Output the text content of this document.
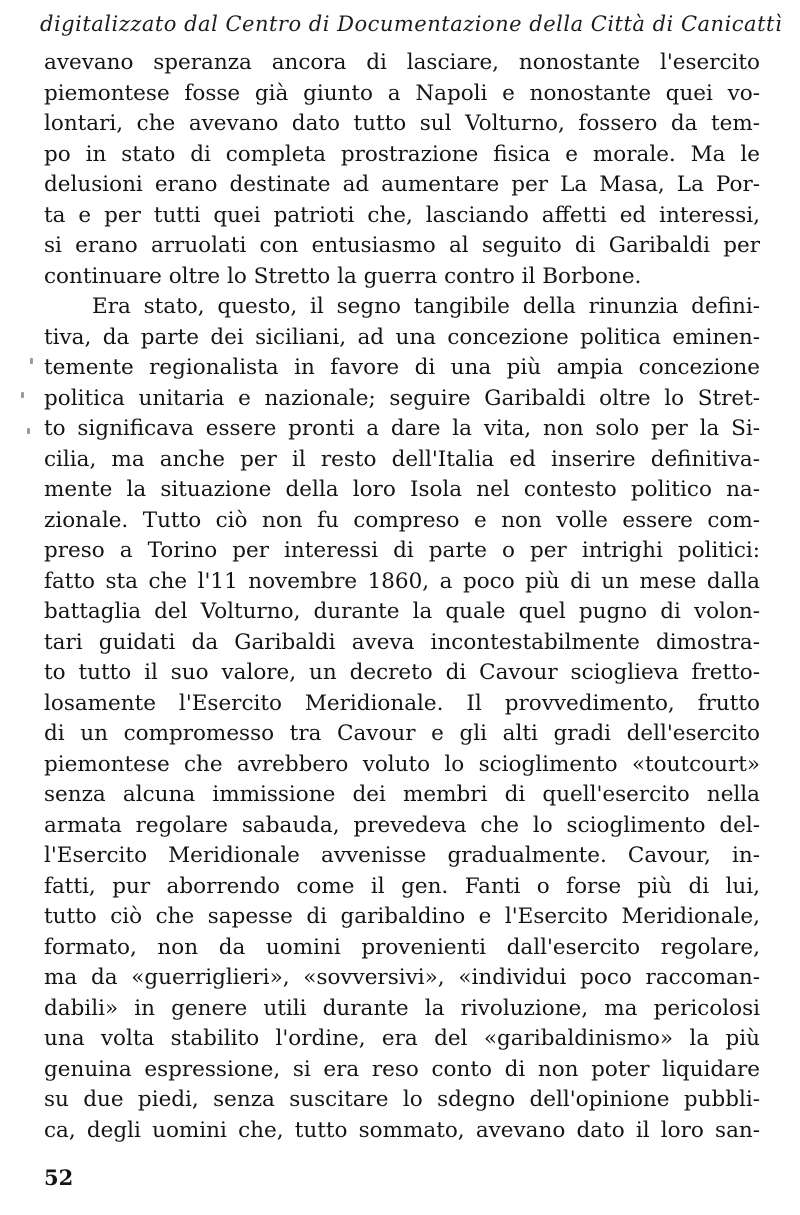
digitalizzato dal Centro di Documentazione della Città di Canicattì
avevano speranza ancora di lasciare, nonostante l'esercito
piemontese fosse già giunto a Napoli e nonostante quei vo-
lontari, che avevano dato tutto sul Volturno, fossero da tem-
po in stato di completa prostrazione fisica e morale. Ma le
delusioni erano destinate ad aumentare per La Masa, La Por-
ta e per tutti quei patrioti che, lasciando affetti ed interessi,
si erano arruolati con entusiasmo al seguito di Garibaldi per
continuare oltre lo Stretto la guerra contro il Borbone.
Era stato, questo, il segno tangibile della rinunzia defini-
tiva, da parte dei siciliani, ad una concezione politica eminen-
temente regionalista in favore di una più ampia concezione
politica unitaria e nazionale; seguire Garibaldi oltre lo Stret-
to significava essere pronti a dare la vita, non solo per la Si-
cilia, ma anche per il resto dell'Italia ed inserire definitiva-
mente la situazione della loro Isola nel contesto politico na-
zionale. Tutto ciò non fu compreso e non volle essere com-
preso a Torino per interessi di parte o per intrighi politici:
fatto sta che l'11 novembre 1860, a poco più di un mese dalla
battaglia del Volturno, durante la quale quel pugno di volon-
tari guidati da Garibaldi aveva incontestabilmente dimostra-
to tutto il suo valore, un decreto di Cavour scioglieva fretto-
losamente l'Esercito Meridionale. Il provvedimento, frutto
di un compromesso tra Cavour e gli alti gradi dell'esercito
piemontese che avrebbero voluto lo scioglimento «toutcourt»
senza alcuna immissione dei membri di quell'esercito nella
armata regolare sabauda, prevedeva che lo scioglimento del-
l'Esercito Meridionale avvenisse gradualmente. Cavour, in-
fatti, pur aborrendo come il gen. Fanti o forse più di lui,
tutto ciò che sapesse di garibaldino e l'Esercito Meridionale,
formato, non da uomini provenienti dall'esercito regolare,
ma da «guerriglieri», «sovversivi», «individui poco raccoman-
dabili» in genere utili durante la rivoluzione, ma pericolosi
una volta stabilito l'ordine, era del «garibaldinismo» la più
genuina espressione, si era reso conto di non poter liquidare
su due piedi, senza suscitare lo sdegno dell'opinione pubbli-
ca, degli uomini che, tutto sommato, avevano dato il loro san-
52
